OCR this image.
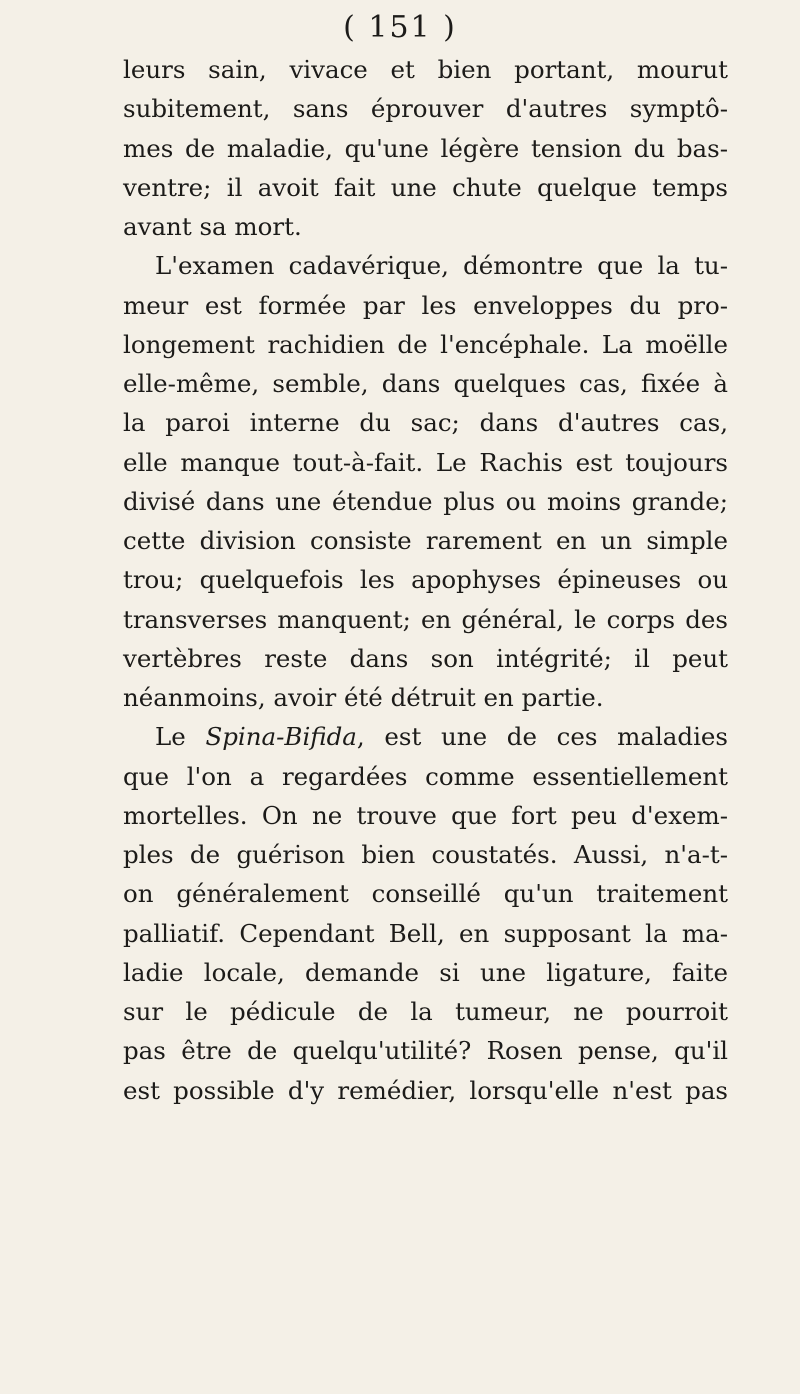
( 151 )
leurs sain, vivace et bien portant, mourut
subitement, sans éprouver d'autres symptô-
mes de maladie, qu'une légère tension du bas-
ventre; il avoit fait une chute quelque temps
avant sa mort.
L'examen cadavérique, démontre que la tu-
meur est formée par les enveloppes du pro-
longement rachidien de l'encéphale. La moëlle
elle-même, semble, dans quelques cas, fixée à
la paroi interne du sac; dans d'autres cas,
elle manque tout-à-fait. Le Rachis est toujours
divisé dans une étendue plus ou moins grande;
cette division consiste rarement en un simple
trou; quelquefois les apophyses épineuses ou
transverses manquent; en général, le corps des
vertèbres reste dans son intégrité; il peut
néanmoins, avoir été détruit en partie.
Le Spina-Bifida, est une de ces maladies
que l'on a regardées comme essentiellement
mortelles. On ne trouve que fort peu d'exem-
ples de guérison bien coustatés. Aussi, n'a-t-
on généralement conseillé qu'un traitement
palliatif. Cependant Bell, en supposant la ma-
ladie locale, demande si une ligature, faite
sur le pédicule de la tumeur, ne pourroit
pas être de quelqu'utilité? Rosen pense, qu'il
est possible d'y remédier, lorsqu'elle n'est pas
